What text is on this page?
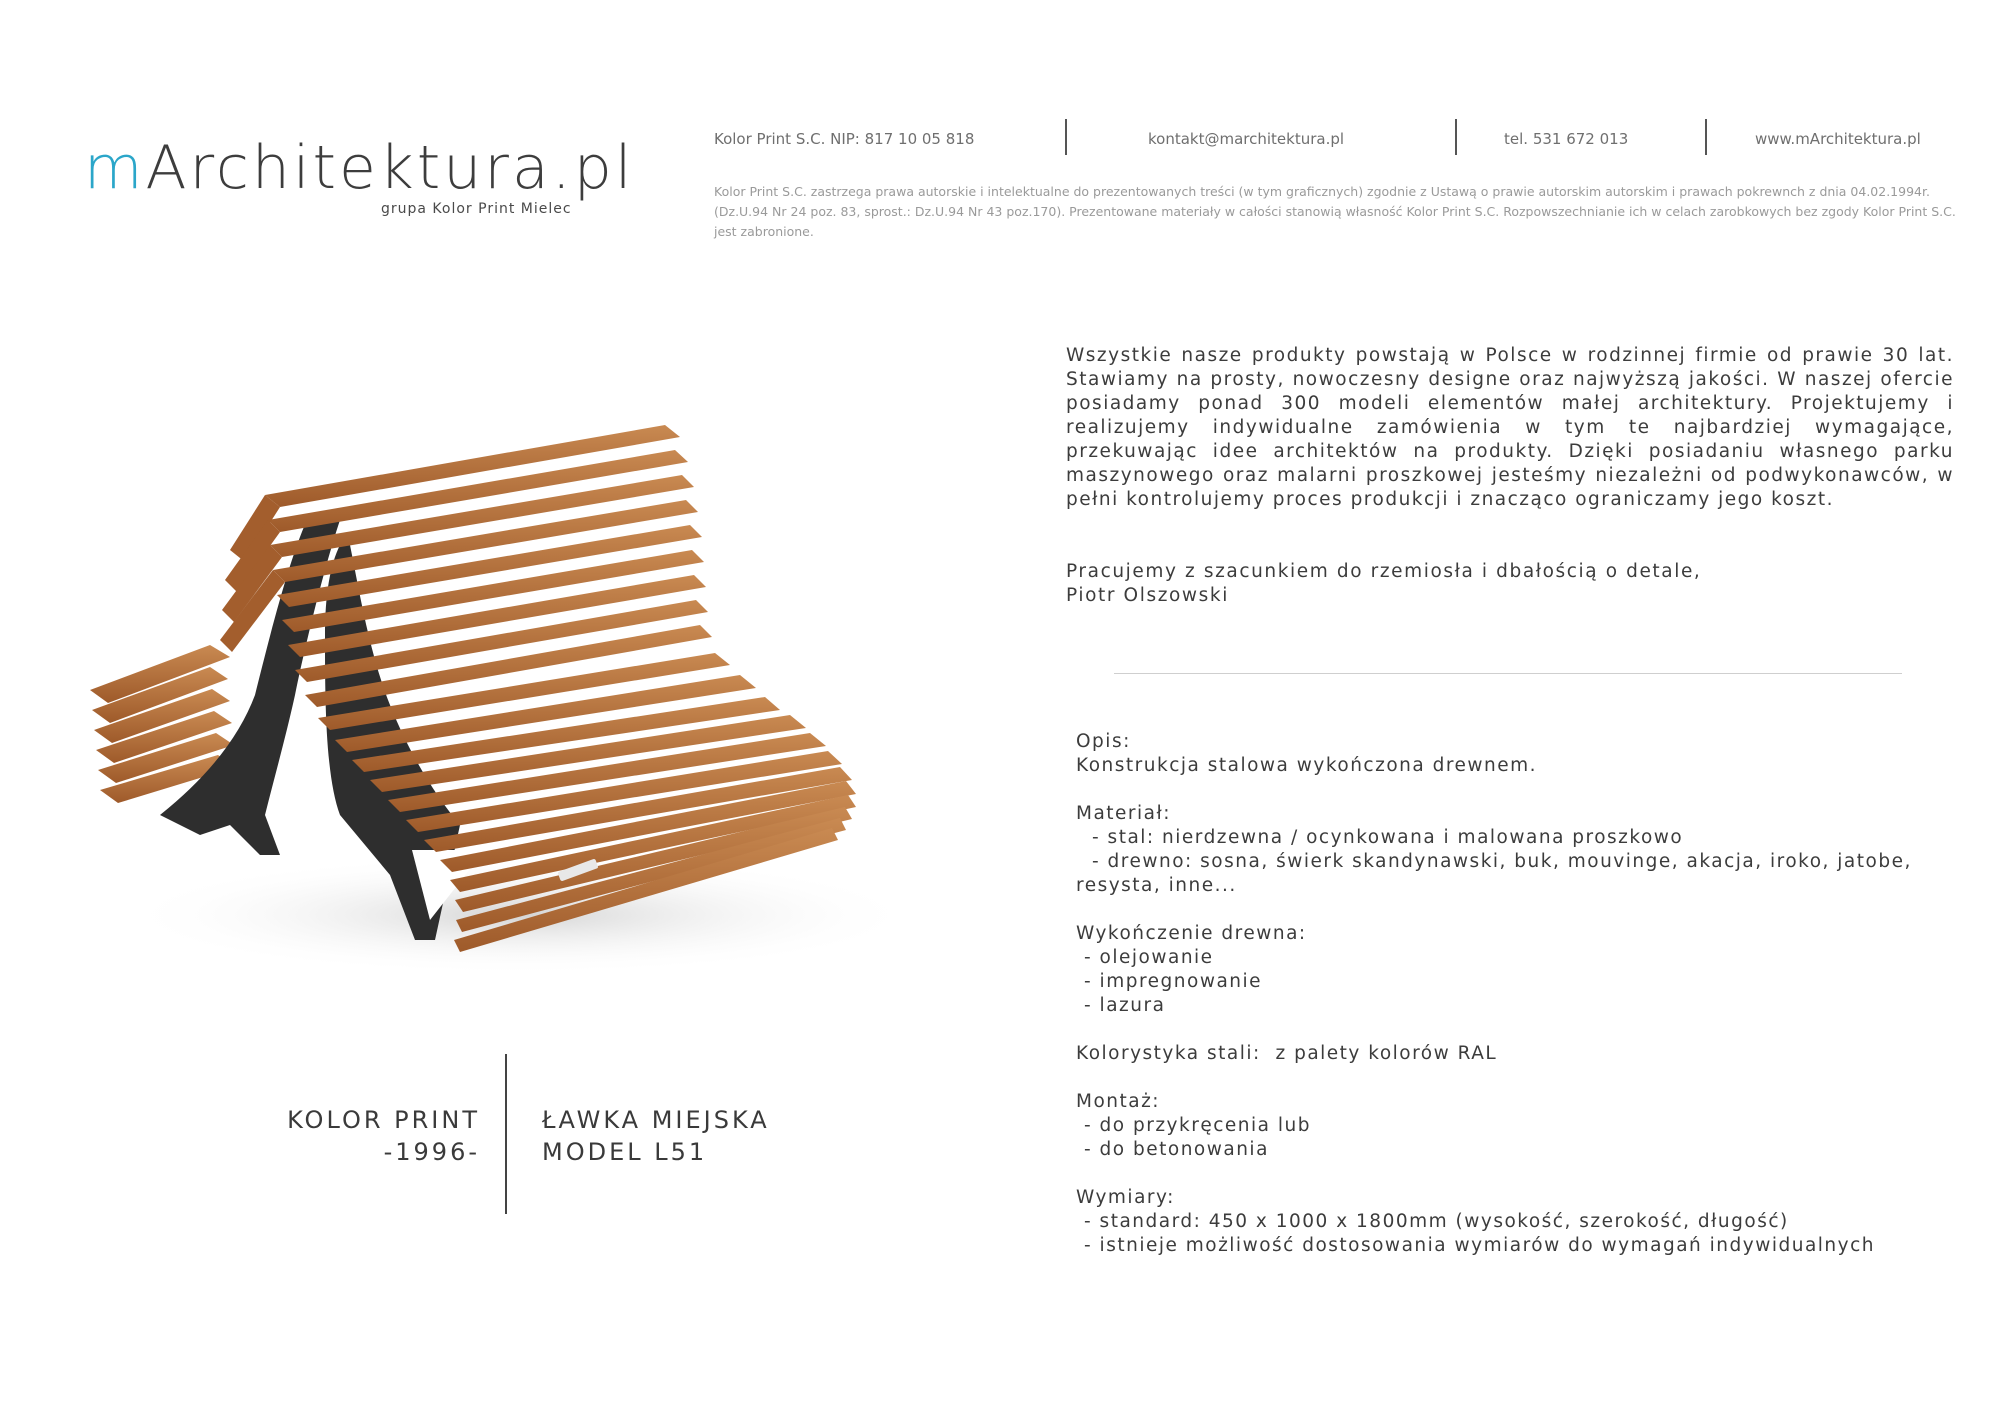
mArchitektura.pl
grupa Kolor Print Mielec
Kolor Print S.C. NIP: 817 10 05 818	kontakt@marchitektura.pl	tel. 531 672 013	www.mArchitektura.pl
Kolor Print S.C. zastrzega prawa autorskie i intelektualne do prezentowanych treści (w tym graficznych) zgodnie z Ustawą o prawie autorskim autorskim i prawach pokrewnch z dnia 04.02.1994r. (Dz.U.94 Nr 24 poz. 83, sprost.: Dz.U.94 Nr 43 poz.170). Prezentowane materiały w całości stanowią własność Kolor Print S.C. Rozpowszechnianie ich w celach zarobkowych bez zgody Kolor Print S.C. jest zabronione.
Wszystkie nasze produkty powstają w Polsce w rodzinnej firmie od prawie 30 lat. Stawiamy na prosty, nowoczesny designe oraz najwyższą jakości. W naszej ofercie posiadamy ponad 300 modeli elementów małej architektury. Projektujemy i realizujemy indywidualne zamówienia w tym te najbardziej wymagające, przekuwając idee architektów na produkty. Dzięki posiadaniu własnego parku maszynowego oraz malarni proszkowej jesteśmy niezależni od podwykonawców, w pełni kontrolujemy proces produkcji i znacząco ograniczamy jego koszt.
Pracujemy z szacunkiem do rzemiosła i dbałością o detale,
Piotr Olszowski
Opis:
Konstrukcja stalowa wykończona drewnem.
Materiał:
- stal: nierdzewna / ocynkowana i malowana proszkowo
- drewno: sosna, świerk skandynawski, buk, mouvinge, akacja, iroko, jatobe,
resysta, inne...
Wykończenie drewna:
- olejowanie
- impregnowanie
- lazura
Kolorystyka stali:  z palety kolorów RAL
Montaż:
- do przykręcenia lub
- do betonowania
Wymiary:
- standard: 450 x 1000 x 1800mm (wysokość, szerokość, długość)
- istnieje możliwość dostosowania wymiarów do wymagań indywidualnych
KOLOR PRINT
-1996-
ŁAWKA MIEJSKA
MODEL L51
